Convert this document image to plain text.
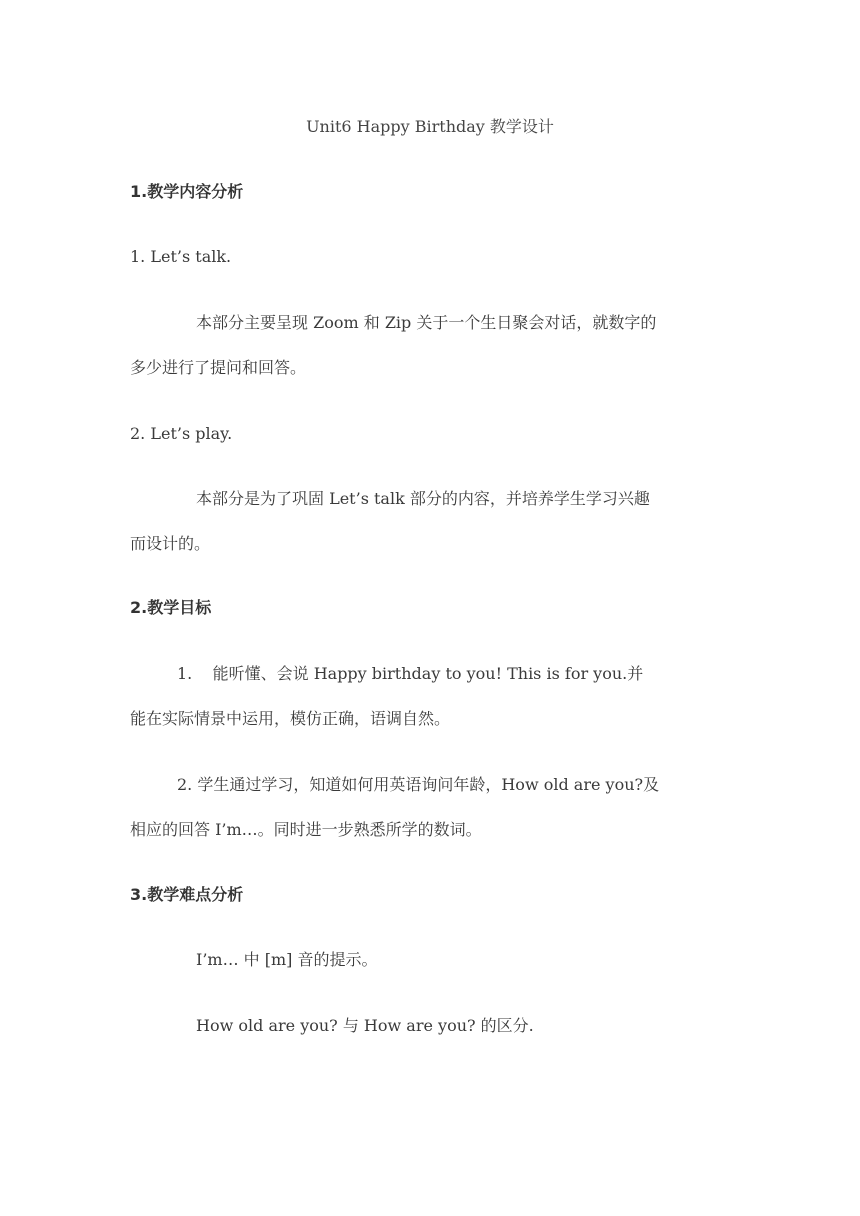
Unit6 Happy Birthday 教学设计

1.教学内容分析

1. Let’s talk.

本部分主要呈现 Zoom 和 Zip 关于一个生日聚会对话，就数字的

多少进行了提问和回答。

2. Let’s play.

本部分是为了巩固 Let’s talk 部分的内容，并培养学生学习兴趣

而设计的。

2.教学目标

1.    能听懂、会说 Happy birthday to you! This is for you.并

能在实际情景中运用，模仿正确，语调自然。

2. 学生通过学习，知道如何用英语询问年龄，How old are you?及

相应的回答 I’m…。同时进一步熟悉所学的数词。

3.教学难点分析

I’m… 中 [m] 音的提示。

How old are you? 与 How are you? 的区分.
